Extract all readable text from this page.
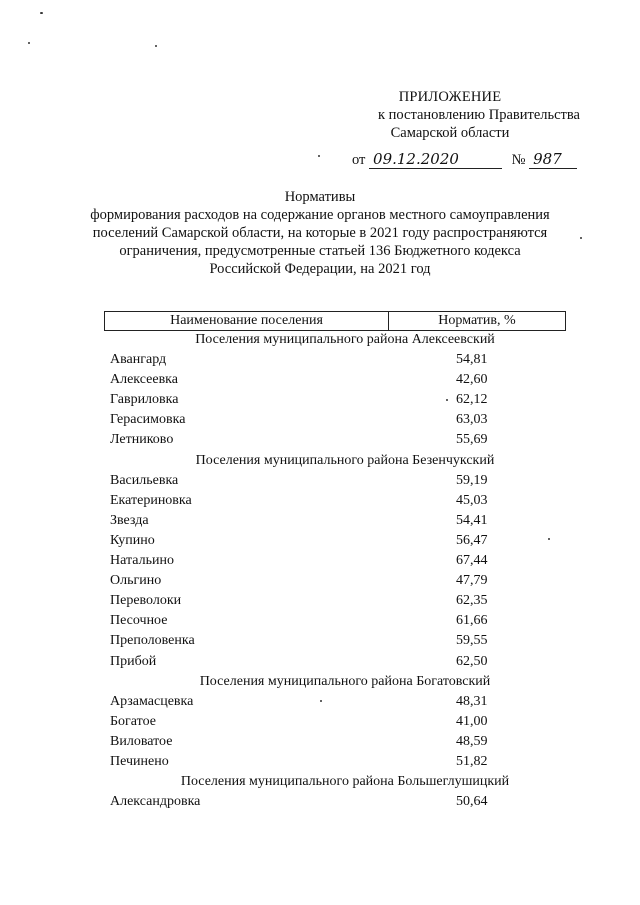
ПРИЛОЖЕНИЕ
к постановлению Правительства
Самарской области
от 09.12.2020	№ 987
Нормативы
формирования расходов на содержание органов местного самоуправления
поселений Самарской области, на которые в 2021 году распространяются
ограничения, предусмотренные статьей 136 Бюджетного кодекса
Российской Федерации, на 2021 год
Наименование поселения	Норматив, %
Поселения муниципального района Алексеевский
Авангард	54,81
Алексеевка	42,60
Гавриловка	62,12
Герасимовка	63,03
Летниково	55,69
Поселения муниципального района Безенчукский
Васильевка	59,19
Екатериновка	45,03
Звезда	54,41
Купино	56,47
Натальино	67,44
Ольгино	47,79
Переволоки	62,35
Песочное	61,66
Преполовенка	59,55
Прибой	62,50
Поселения муниципального района Богатовский
Арзамасцевка	48,31
Богатое	41,00
Виловатое	48,59
Печинено	51,82
Поселения муниципального района Большеглушицкий
Александровка	50,64
